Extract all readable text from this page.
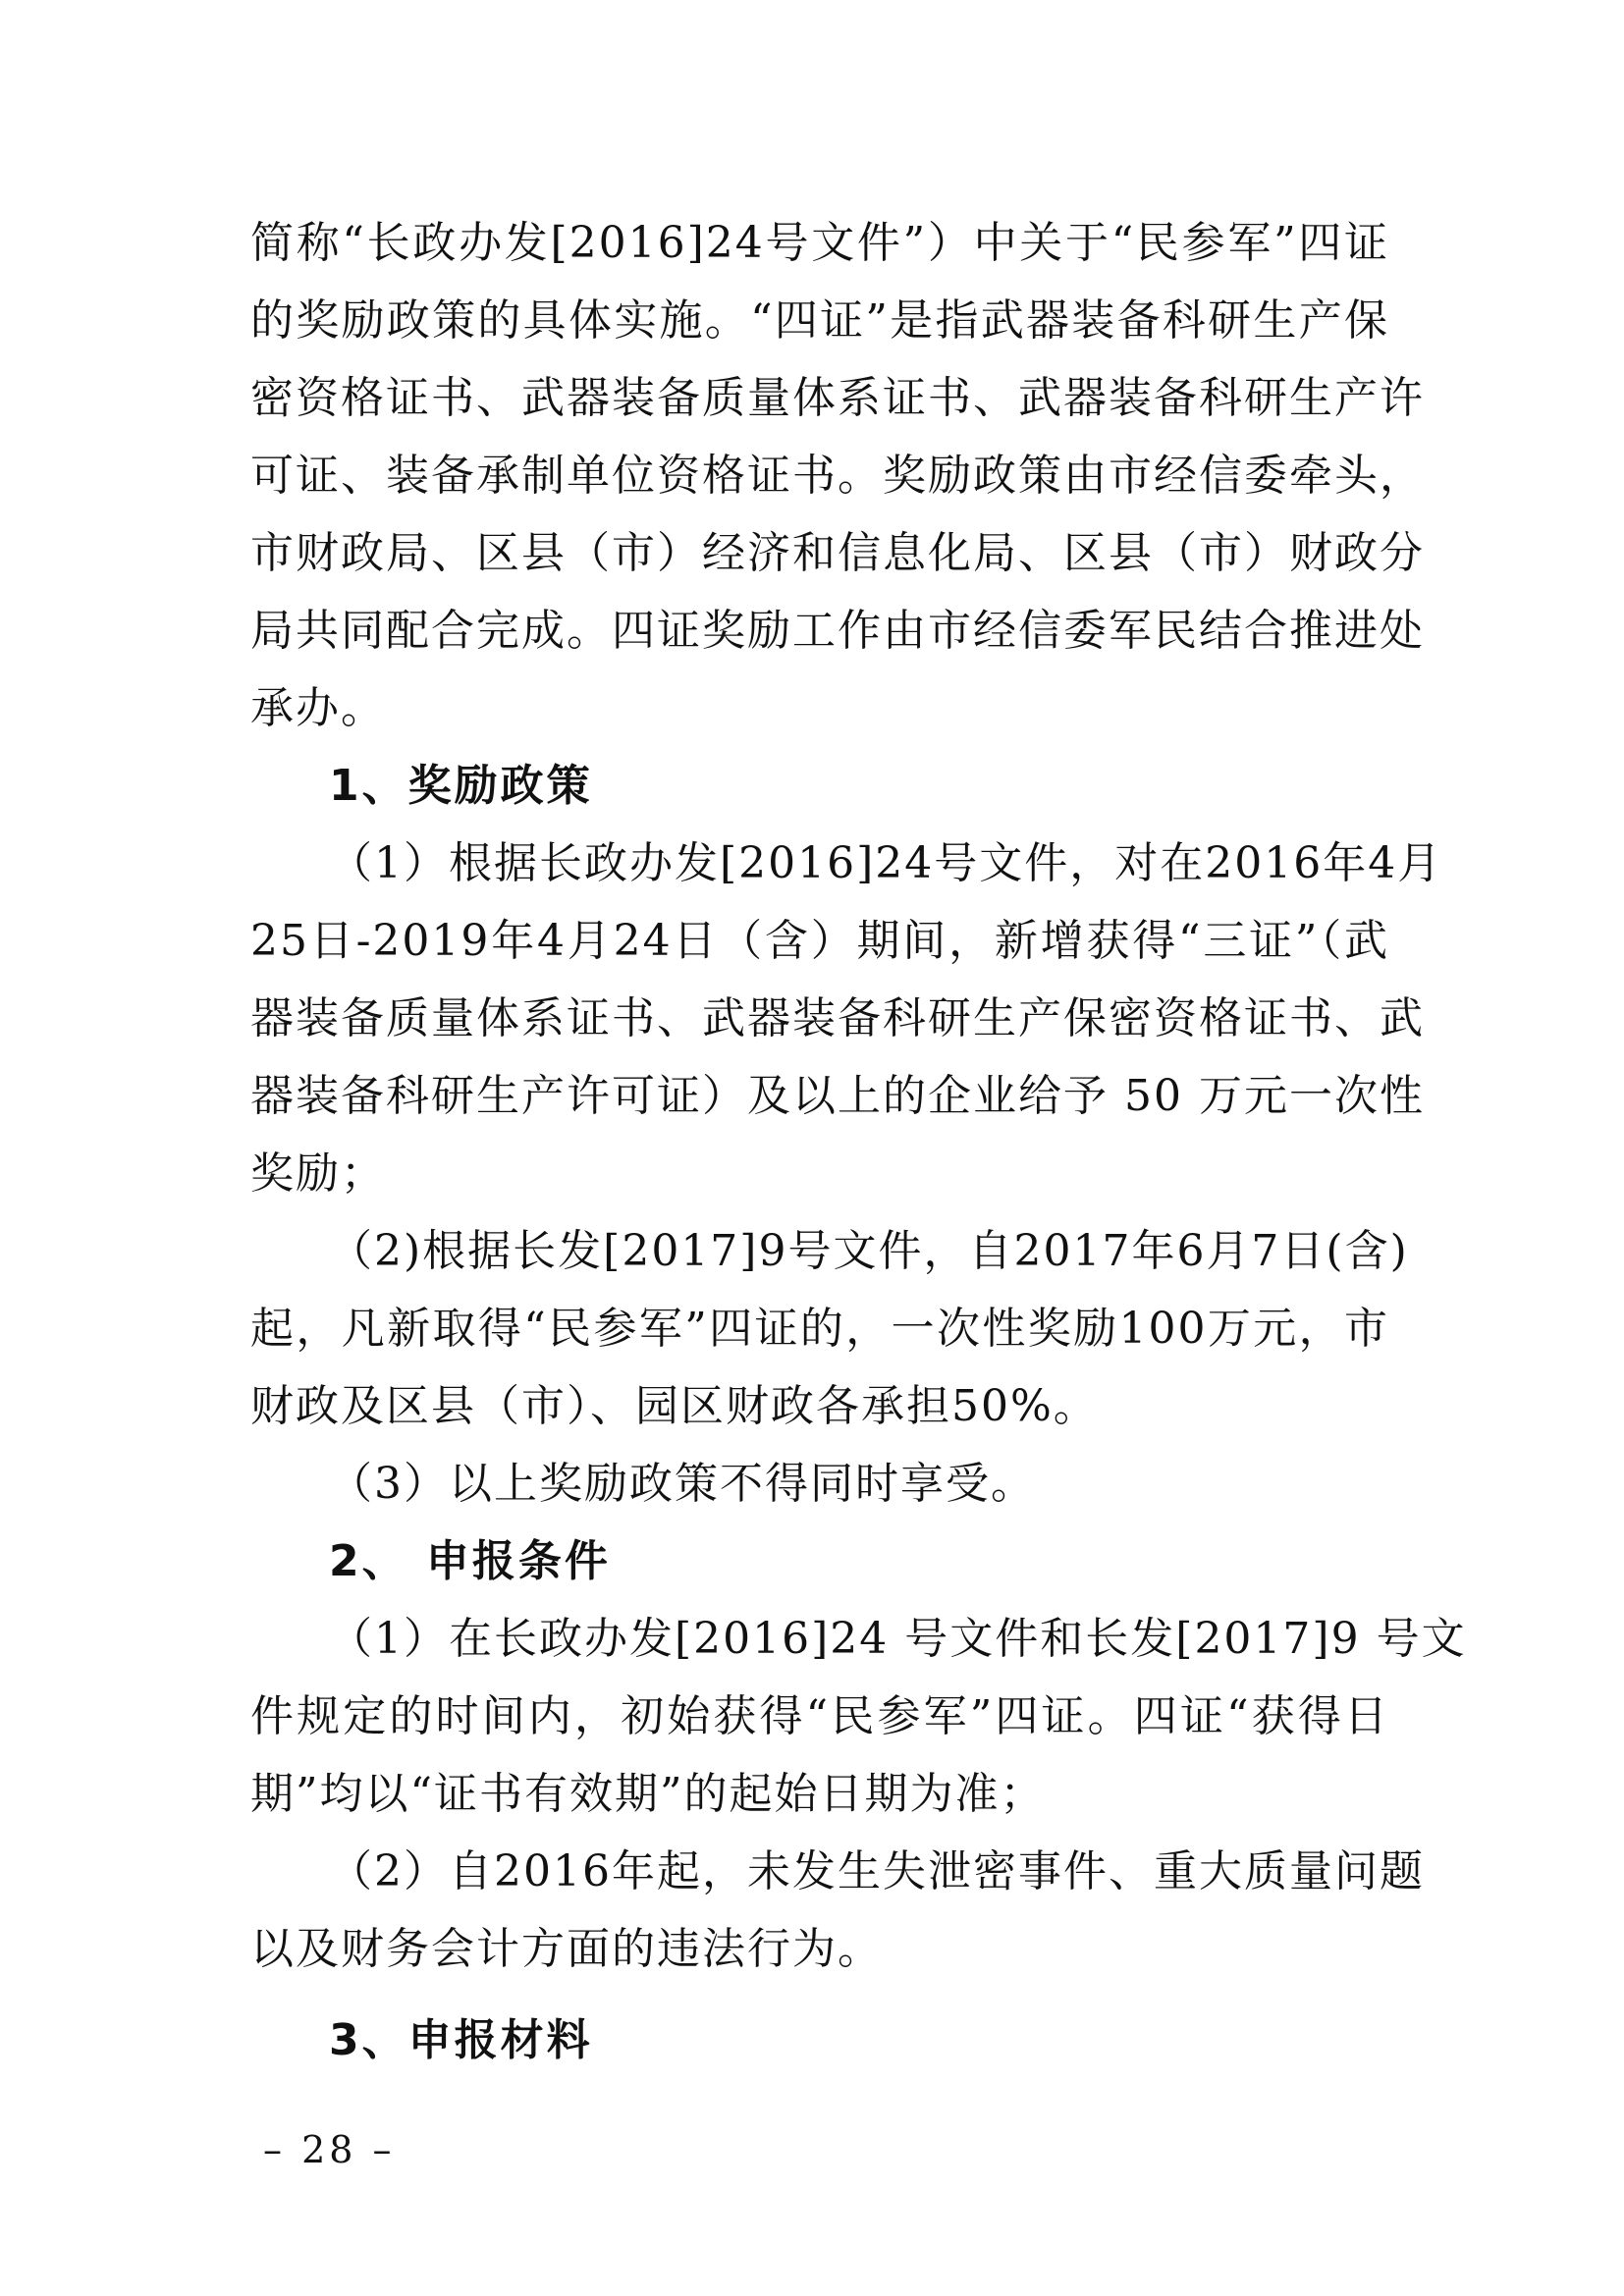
简称“长政办发[2016]24号文件”）中关于“民参军”四证
的奖励政策的具体实施。“四证”是指武器装备科研生产保
密资格证书、武器装备质量体系证书、武器装备科研生产许
可证、装备承制单位资格证书。奖励政策由市经信委牵头，
市财政局、区县（市）经济和信息化局、区县（市）财政分
局共同配合完成。四证奖励工作由市经信委军民结合推进处
承办。
1、奖励政策
（1）根据长政办发[2016]24号文件，对在2016年4月
25日-2019年4月24日（含）期间，新增获得“三证”（武
器装备质量体系证书、武器装备科研生产保密资格证书、武
器装备科研生产许可证）及以上的企业给予 50 万元一次性
奖励；
（2)根据长发[2017]9号文件，自2017年6月7日(含)
起，凡新取得“民参军”四证的，一次性奖励100万元，市
财政及区县（市）、园区财政各承担50%。
（3）以上奖励政策不得同时享受。
2、 申报条件
（1）在长政办发[2016]24 号文件和长发[2017]9 号文
件规定的时间内，初始获得“民参军”四证。四证“获得日
期”均以“证书有效期”的起始日期为准；
（2）自2016年起，未发生失泄密事件、重大质量问题
以及财务会计方面的违法行为。
3、申报材料
– 28 –
